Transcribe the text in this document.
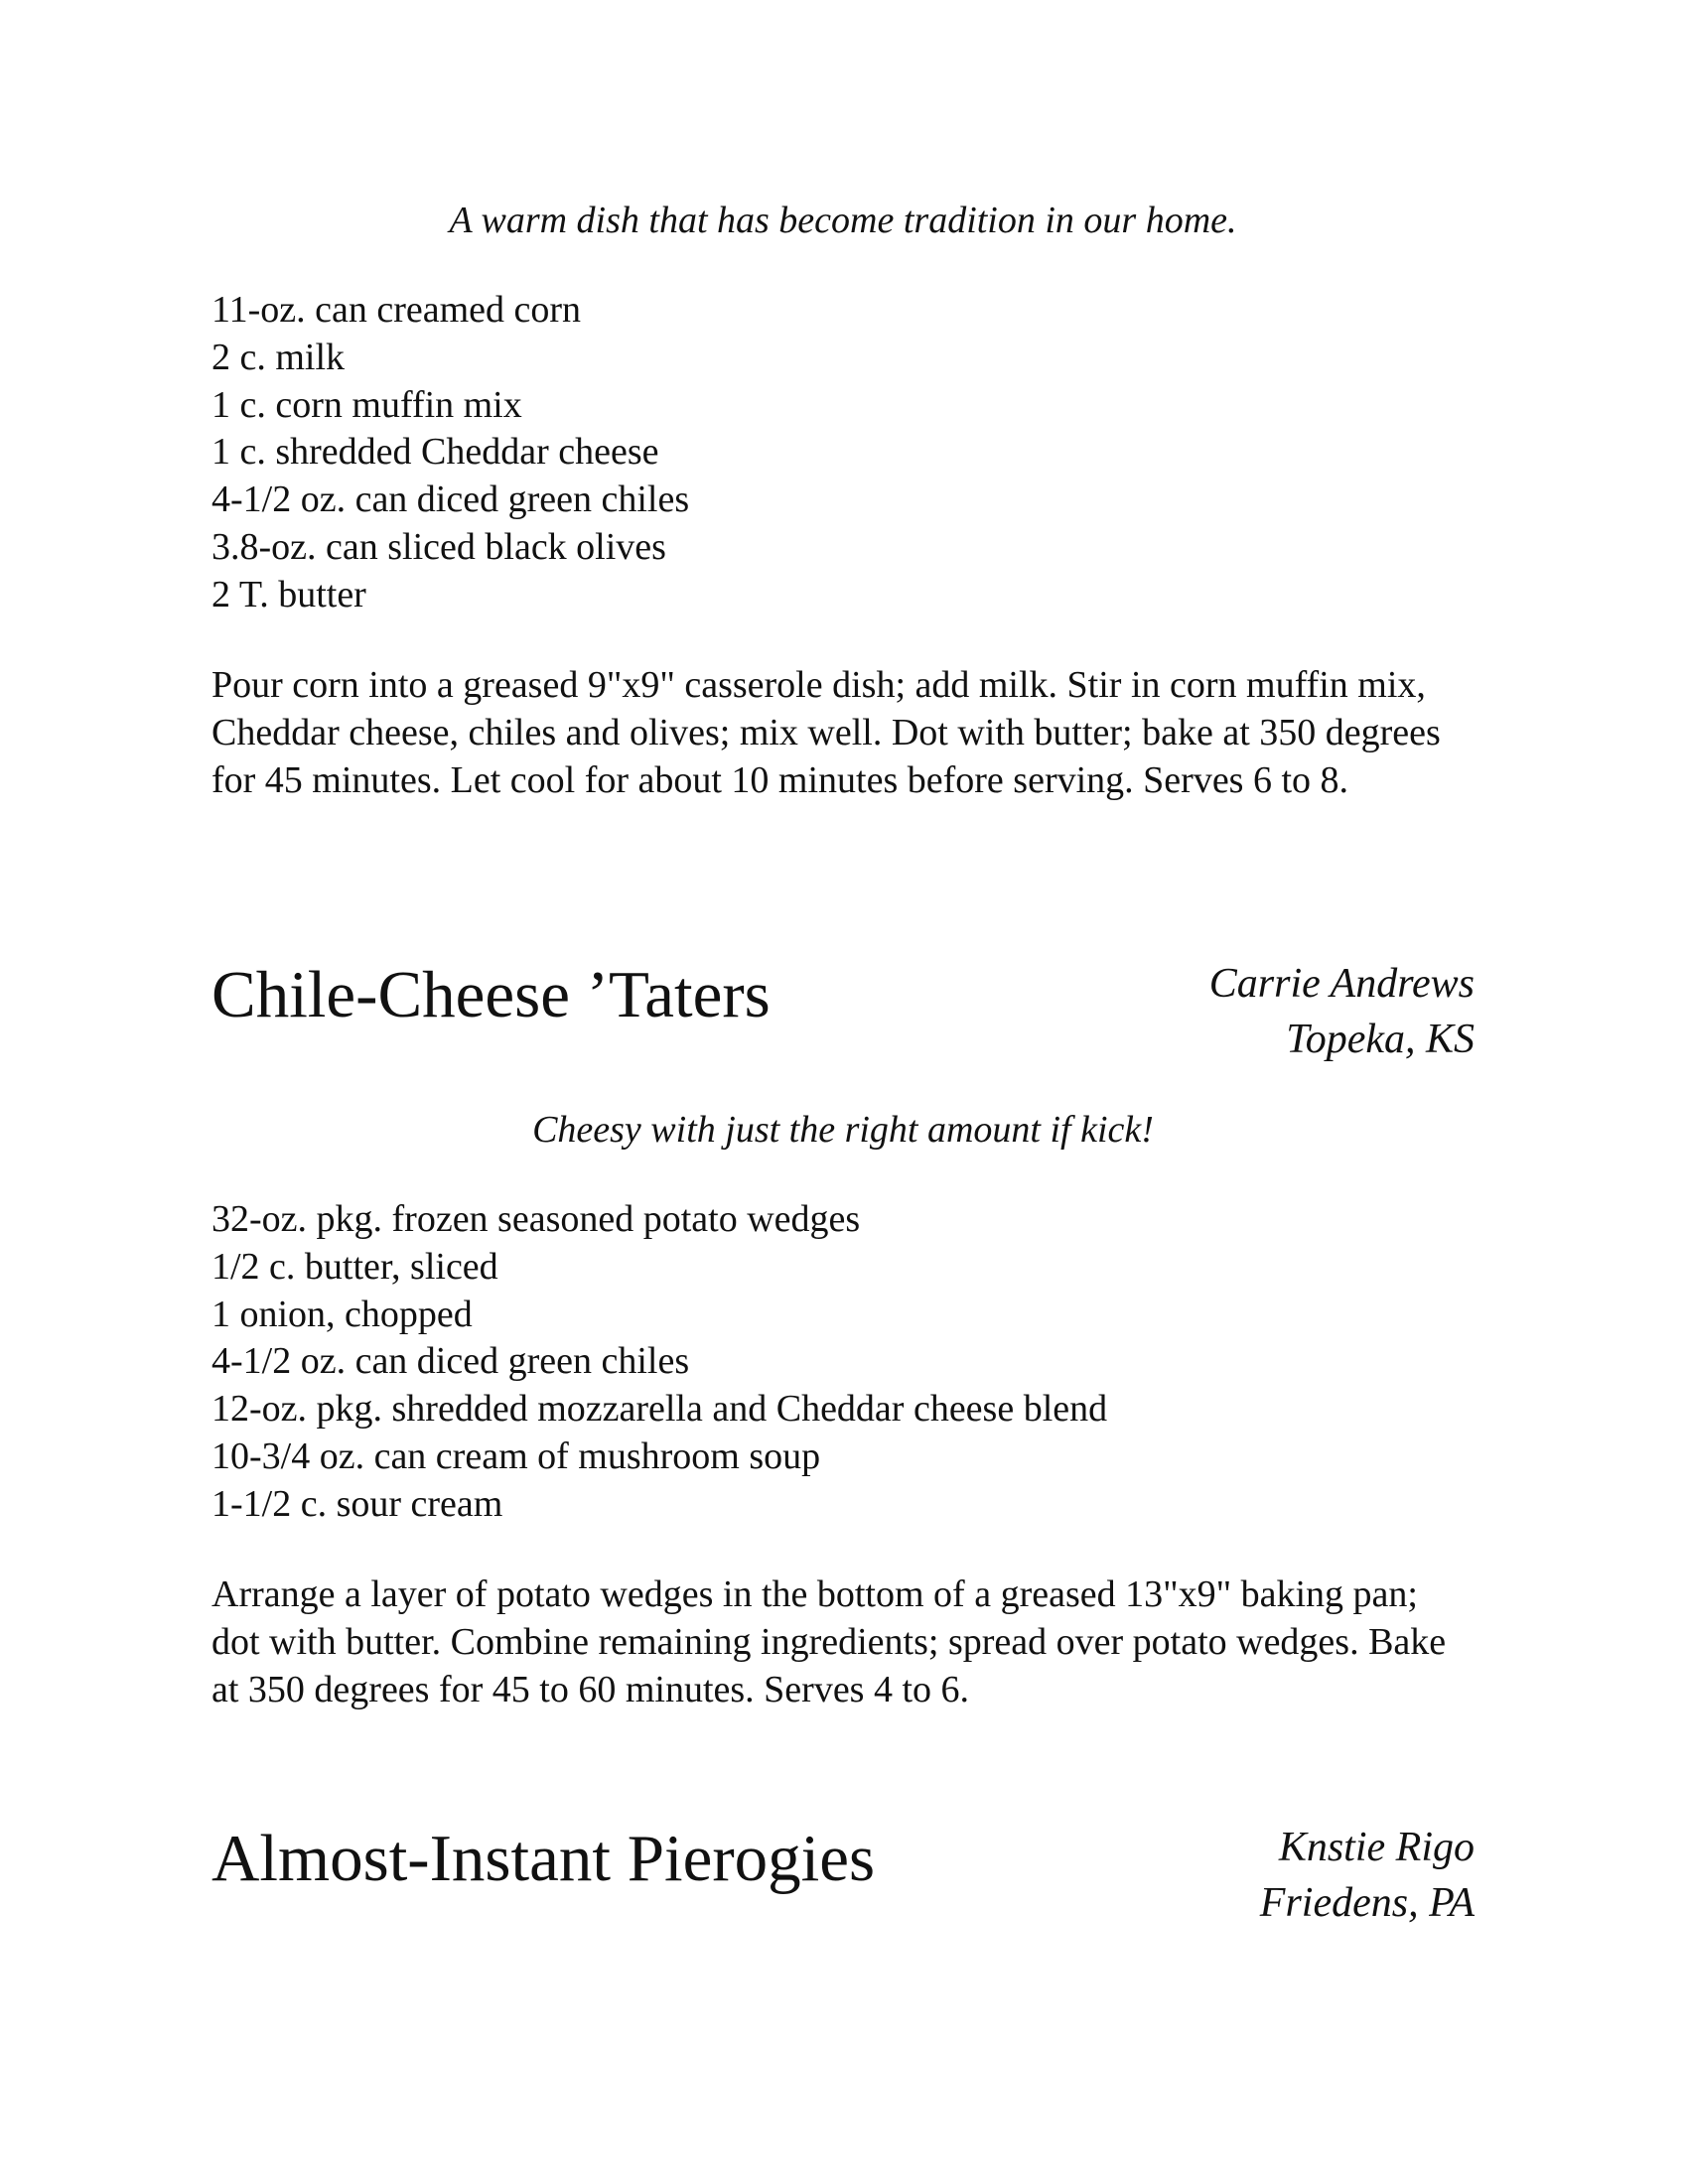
A warm dish that has become tradition in our home.

11-oz. can creamed corn
2 c. milk
1 c. corn muffin mix
1 c. shredded Cheddar cheese
4-1/2 oz. can diced green chiles
3.8-oz. can sliced black olives
2 T. butter

Pour corn into a greased 9"x9" casserole dish; add milk. Stir in corn muffin mix, Cheddar cheese, chiles and olives; mix well. Dot with butter; bake at 350 degrees for 45 minutes. Let cool for about 10 minutes before serving. Serves 6 to 8.

Chile-Cheese ’Taters	Carrie Andrews
Topeka, KS

Cheesy with just the right amount if kick!

32-oz. pkg. frozen seasoned potato wedges
1/2 c. butter, sliced
1 onion, chopped
4-1/2 oz. can diced green chiles
12-oz. pkg. shredded mozzarella and Cheddar cheese blend
10-3/4 oz. can cream of mushroom soup
1-1/2 c. sour cream

Arrange a layer of potato wedges in the bottom of a greased 13"x9" baking pan; dot with butter. Combine remaining ingredients; spread over potato wedges. Bake at 350 degrees for 45 to 60 minutes. Serves 4 to 6.

Almost-Instant Pierogies	Knstie Rigo
Friedens, PA
